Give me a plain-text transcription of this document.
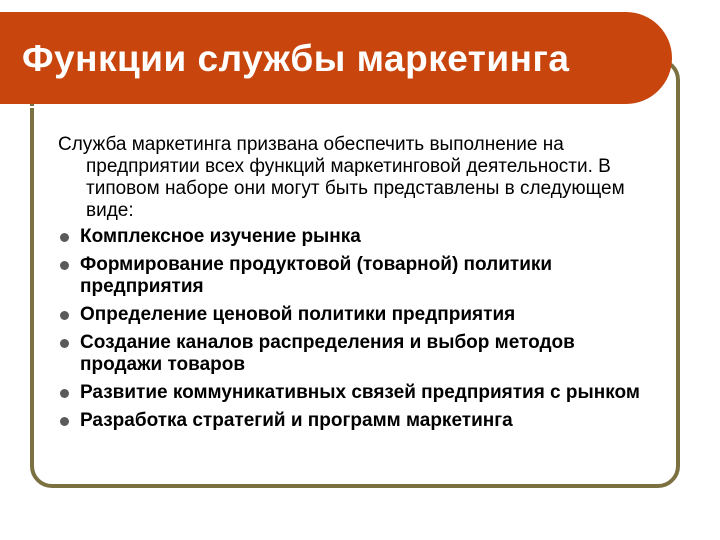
Функции службы маркетинга

Служба маркетинга призвана обеспечить выполнение на предприятии всех функций маркетинговой деятельности. В типовом наборе они могут быть представлены в следующем виде:

Комплексное изучение рынка
Формирование продуктовой (товарной) политики предприятия
Определение ценовой политики предприятия
Создание каналов распределения и выбор методов продажи товаров
Развитие коммуникативных связей предприятия с рынком
Разработка стратегий и программ маркетинга
